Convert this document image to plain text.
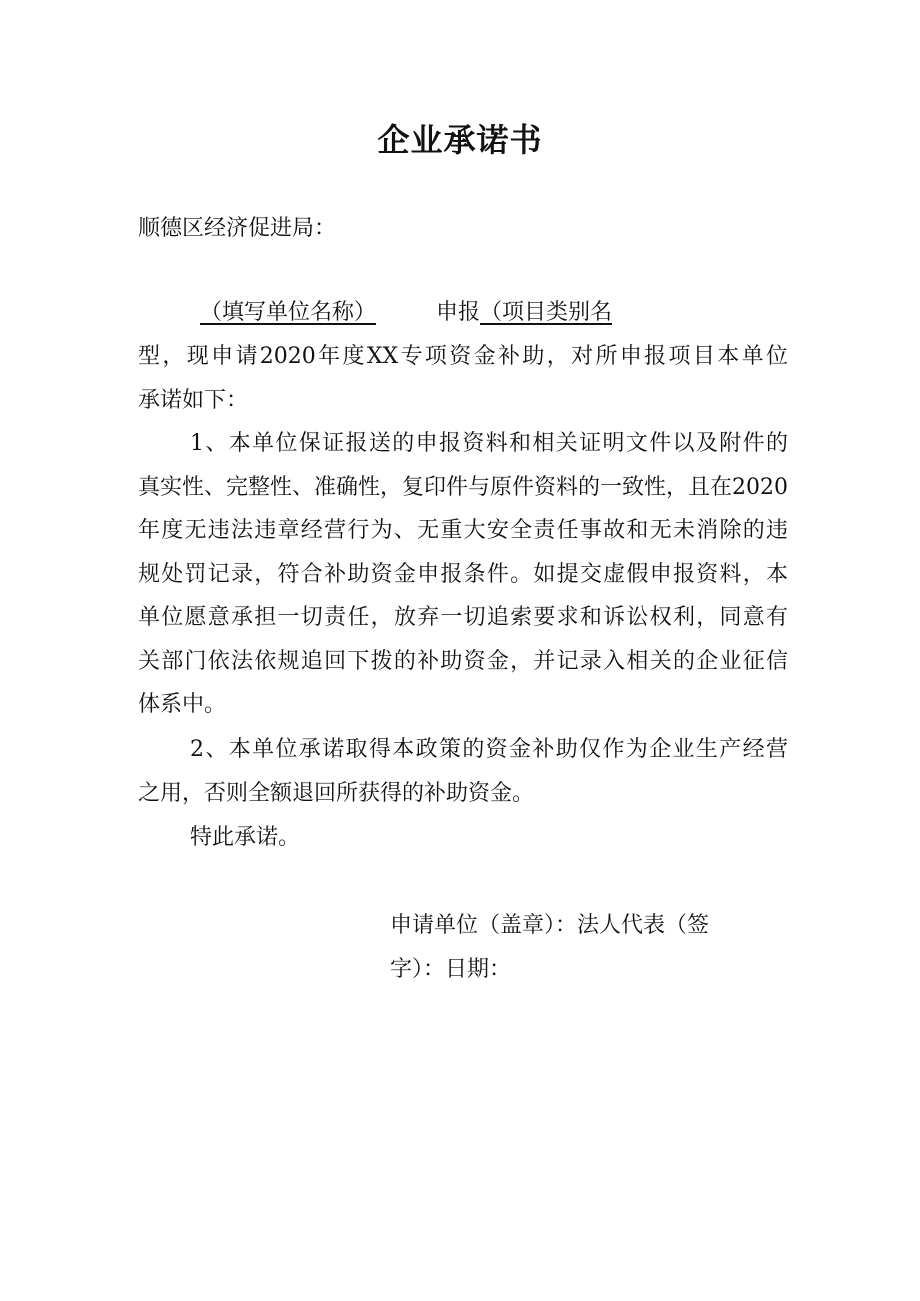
企业承诺书
顺德区经济促进局：
（填写单位名称）	申报 （项目类别名
型，现申请2020年度XX专项资金补助，对所申报项目本单位
承诺如下：
1、本单位保证报送的申报资料和相关证明文件以及附件的
真实性、完整性、准确性，复印件与原件资料的一致性，且在2020
年度无违法违章经营行为、无重大安全责任事故和无未消除的违
规处罚记录，符合补助资金申报条件。如提交虚假申报资料，本
单位愿意承担一切责任，放弃一切追索要求和诉讼权利，同意有
关部门依法依规追回下拨的补助资金，并记录入相关的企业征信
体系中。
2、本单位承诺取得本政策的资金补助仅作为企业生产经营
之用，否则全额退回所获得的补助资金。
特此承诺。
申请单位（盖章）：法人代表（签
字）：日期：
